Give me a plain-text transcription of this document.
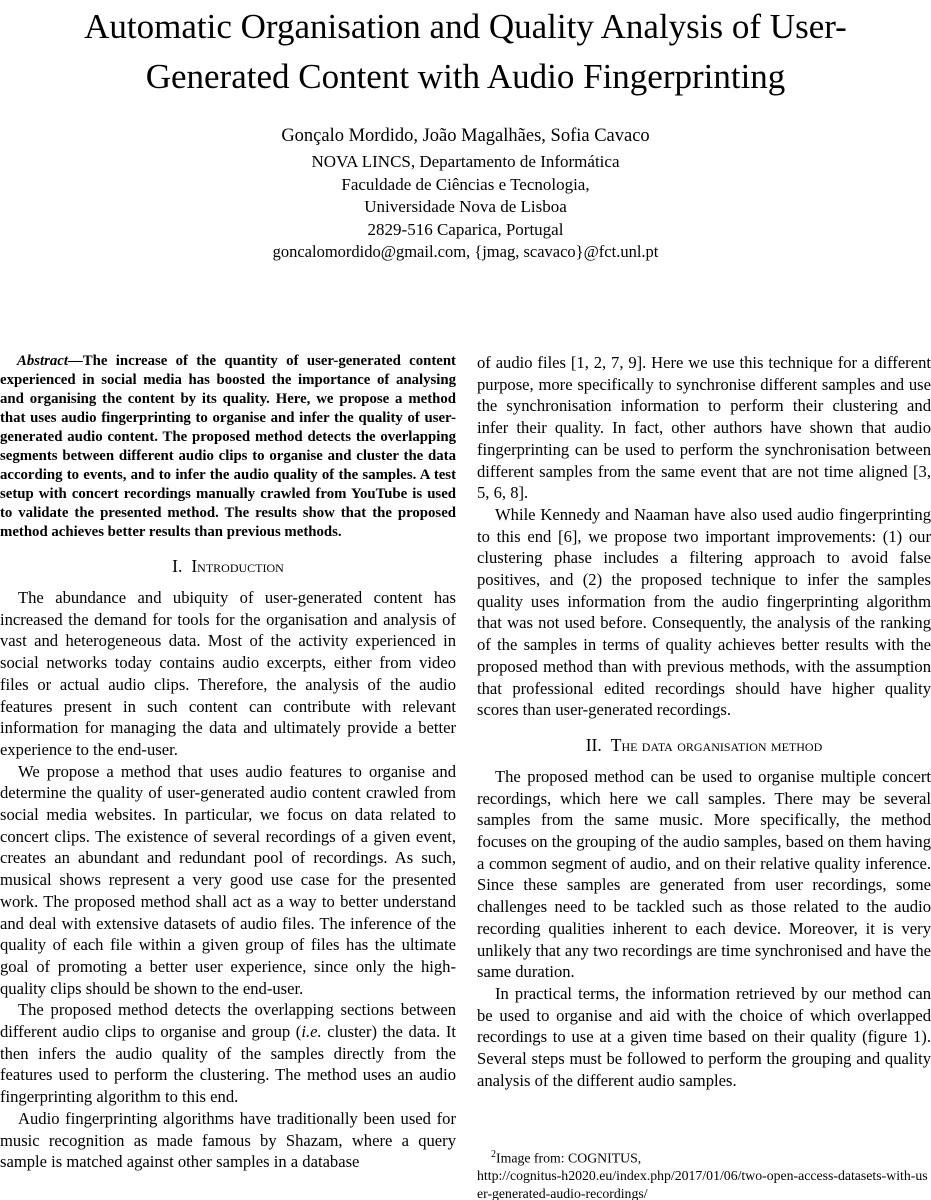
Automatic Organisation and Quality Analysis of User-Generated Content with Audio Fingerprinting
Gonçalo Mordido, João Magalhães, Sofia Cavaco
NOVA LINCS, Departamento de Informática
Faculdade de Ciências e Tecnologia,
Universidade Nova de Lisboa
2829-516 Caparica, Portugal
goncalomordido@gmail.com, {jmag, scavaco}@fct.unl.pt

Abstract—The increase of the quantity of user-generated content experienced in social media has boosted the importance of analysing and organising the content by its quality. Here, we propose a method that uses audio fingerprinting to organise and infer the quality of user-generated audio content. The proposed method detects the overlapping segments between different audio clips to organise and cluster the data according to events, and to infer the audio quality of the samples. A test setup with concert recordings manually crawled from YouTube is used to validate the presented method. The results show that the proposed method achieves better results than previous methods.

I. Introduction

The abundance and ubiquity of user-generated content has increased the demand for tools for the organisation and analysis of vast and heterogeneous data. Most of the activity experienced in social networks today contains audio excerpts, either from video files or actual audio clips. Therefore, the analysis of the audio features present in such content can contribute with relevant information for managing the data and ultimately provide a better experience to the end-user.

We propose a method that uses audio features to organise and determine the quality of user-generated audio content crawled from social media websites. In particular, we focus on data related to concert clips. The existence of several recordings of a given event, creates an abundant and redundant pool of recordings. As such, musical shows represent a very good use case for the presented work. The proposed method shall act as a way to better understand and deal with extensive datasets of audio files. The inference of the quality of each file within a given group of files has the ultimate goal of promoting a better user experience, since only the high-quality clips should be shown to the end-user.

The proposed method detects the overlapping sections between different audio clips to organise and group (i.e. cluster) the data. It then infers the audio quality of the samples directly from the features used to perform the clustering. The method uses an audio fingerprinting algorithm to this end.

Audio fingerprinting algorithms have traditionally been used for music recognition as made famous by Shazam, where a query sample is matched against other samples in a database

of audio files [1, 2, 7, 9]. Here we use this technique for a different purpose, more specifically to synchronise different samples and use the synchronisation information to perform their clustering and infer their quality. In fact, other authors have shown that audio fingerprinting can be used to perform the synchronisation between different samples from the same event that are not time aligned [3, 5, 6, 8].

While Kennedy and Naaman have also used audio fingerprinting to this end [6], we propose two important improvements: (1) our clustering phase includes a filtering approach to avoid false positives, and (2) the proposed technique to infer the samples quality uses information from the audio fingerprinting algorithm that was not used before. Consequently, the analysis of the ranking of the samples in terms of quality achieves better results with the proposed method than with previous methods, with the assumption that professional edited recordings should have higher quality scores than user-generated recordings.

II. The data organisation method

The proposed method can be used to organise multiple concert recordings, which here we call samples. There may be several samples from the same music. More specifically, the method focuses on the grouping of the audio samples, based on them having a common segment of audio, and on their relative quality inference. Since these samples are generated from user recordings, some challenges need to be tackled such as those related to the audio recording qualities inherent to each device. Moreover, it is very unlikely that any two recordings are time synchronised and have the same duration.

In practical terms, the information retrieved by our method can be used to organise and aid with the choice of which overlapped recordings to use at a given time based on their quality (figure 1). Several steps must be followed to perform the grouping and quality analysis of the different audio samples.

$^2$Image from: COGNITUS,
http://cognitus-h2020.eu/index.php/2017/01/06/two-open-access-datasets-with-user-generated-audio-recordings/
